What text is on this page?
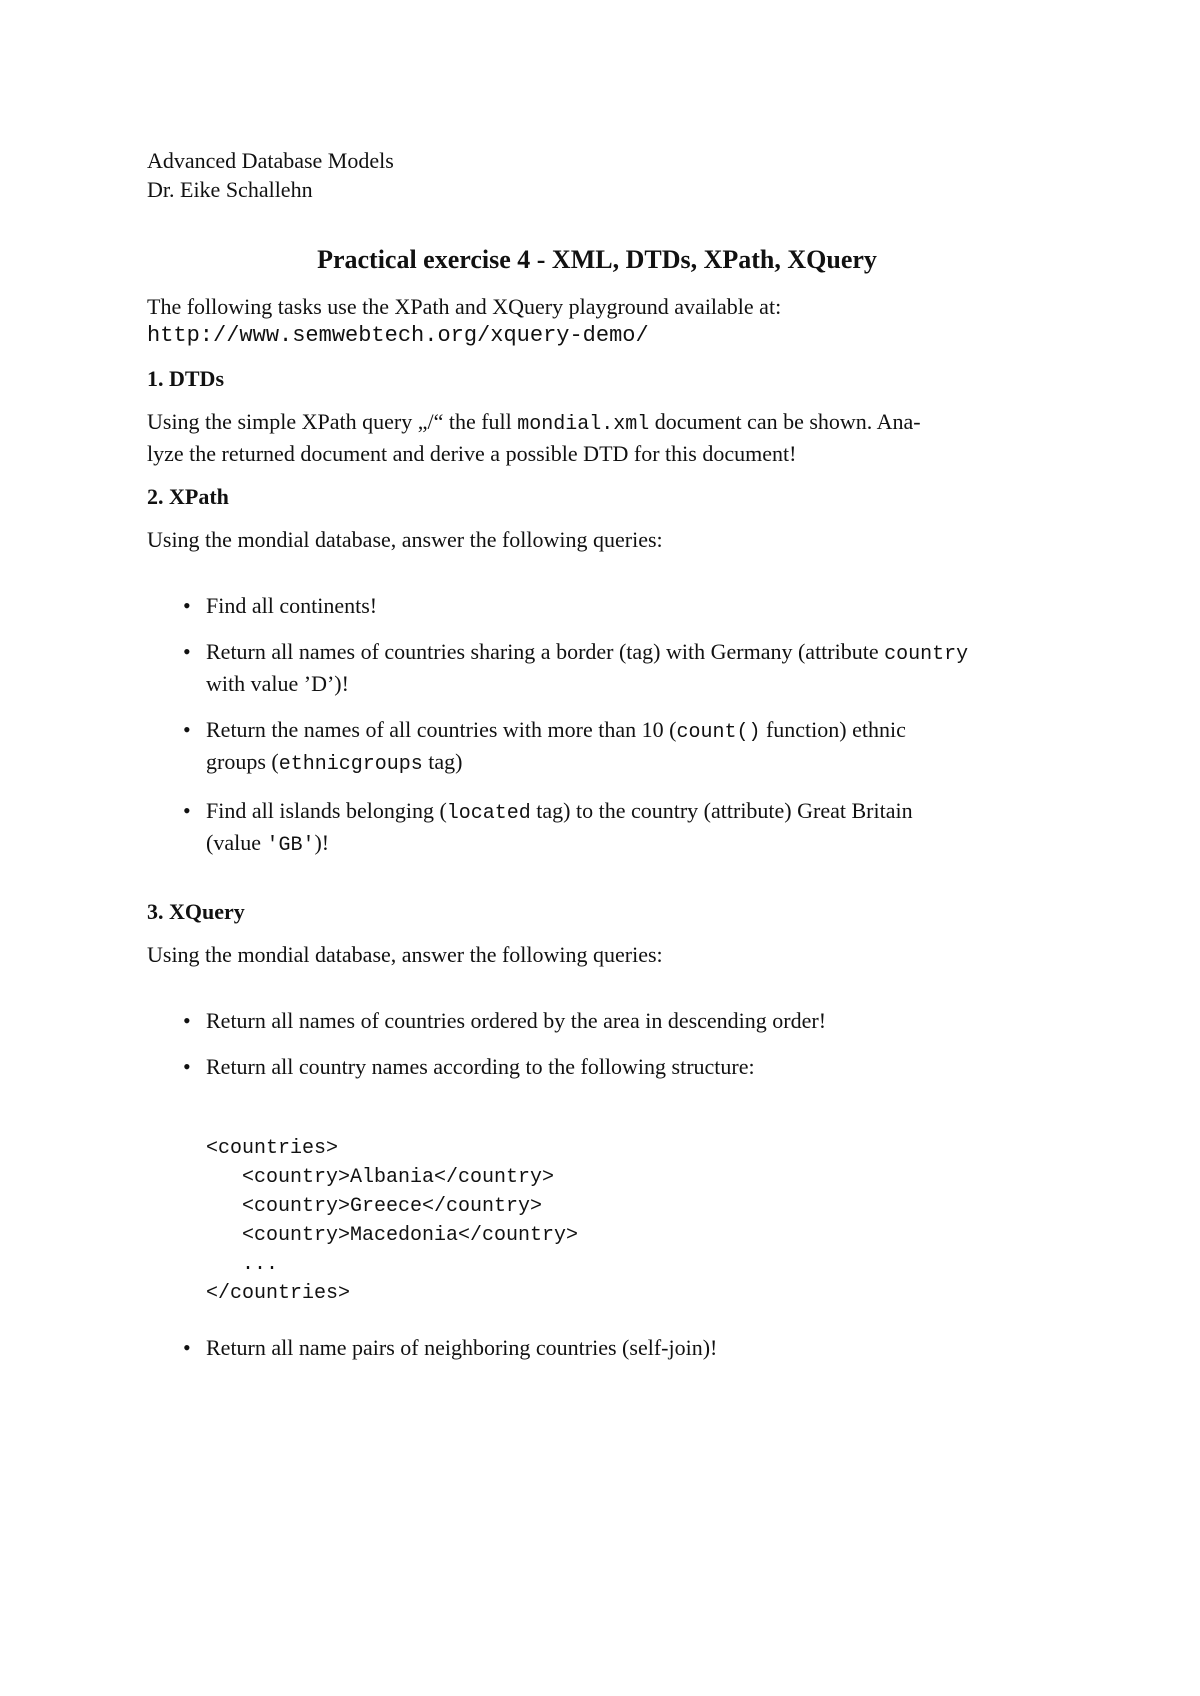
Advanced Database Models

Dr. Eike Schallehn

Practical exercise 4 - XML, DTDs, XPath, XQuery

The following tasks use the XPath and XQuery playground available at:

http://www.semwebtech.org/xquery-demo/

1. DTDs

Using the simple XPath query „/“ the full mondial.xml document can be shown. Ana-
lyze the returned document and derive a possible DTD for this document!

2. XPath

Using the mondial database, answer the following queries:

• Find all continents!
• Return all names of countries sharing a border (tag) with Germany (attribute country
with value ’D’)!
• Return the names of all countries with more than 10 (count() function) ethnic
groups (ethnicgroups tag)
• Find all islands belonging (located tag) to the country (attribute) Great Britain
(value 'GB')!

3. XQuery

Using the mondial database, answer the following queries:

• Return all names of countries ordered by the area in descending order!
• Return all country names according to the following structure:

<countries>

<country>Albania</country>

<country>Greece</country>

<country>Macedonia</country>

...

</countries>

• Return all name pairs of neighboring countries (self-join)!
